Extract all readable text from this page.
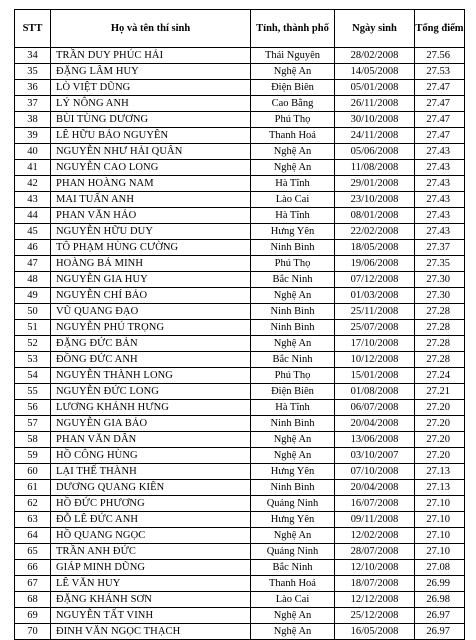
STT	Họ và tên thí sinh	Tỉnh, thành phố	Ngày sinh	Tổng điểm
34	TRẦN DUY PHÚC HẢI	Thái Nguyên	28/02/2008	27.56
35	ĐẶNG LÂM HUY	Nghệ An	14/05/2008	27.53
36	LÒ VIỆT DŨNG	Điện Biên	05/01/2008	27.47
37	LÝ NÔNG ANH	Cao Bằng	26/11/2008	27.47
38	BÙI TÙNG DƯƠNG	Phú Thọ	30/10/2008	27.47
39	LÊ HỮU BẢO NGUYÊN	Thanh Hoá	24/11/2008	27.47
40	NGUYỄN NHƯ HẢI QUÂN	Nghệ An	05/06/2008	27.43
41	NGUYỄN CAO LONG	Nghệ An	11/08/2008	27.43
42	PHAN HOÀNG NAM	Hà Tĩnh	29/01/2008	27.43
43	MAI TUẤN ANH	Lào Cai	23/10/2008	27.43
44	PHAN VĂN HẢO	Hà Tĩnh	08/01/2008	27.43
45	NGUYỄN HỮU DUY	Hưng Yên	22/02/2008	27.43
46	TÔ PHẠM HÙNG CƯỜNG	Ninh Bình	18/05/2008	27.37
47	HOÀNG BÁ MINH	Phú Thọ	19/06/2008	27.35
48	NGUYỄN GIA HUY	Bắc Ninh	07/12/2008	27.30
49	NGUYỄN CHÍ BẢO	Nghệ An	01/03/2008	27.30
50	VŨ QUANG ĐẠO	Ninh Bình	25/11/2008	27.28
51	NGUYỄN PHÚ TRỌNG	Ninh Bình	25/07/2008	27.28
52	ĐẶNG ĐỨC BẢN	Nghệ An	17/10/2008	27.28
53	ĐỒNG ĐỨC ANH	Bắc Ninh	10/12/2008	27.28
54	NGUYỄN THÀNH LONG	Phú Thọ	15/01/2008	27.24
55	NGUYỄN ĐỨC LONG	Điện Biên	01/08/2008	27.21
56	LƯƠNG KHÁNH HƯNG	Hà Tĩnh	06/07/2008	27.20
57	NGUYỄN GIA BẢO	Ninh Bình	20/04/2008	27.20
58	PHAN VĂN DÂN	Nghệ An	13/06/2008	27.20
59	HỒ CÔNG HÙNG	Nghệ An	03/10/2007	27.20
60	LẠI THẾ THÀNH	Hưng Yên	07/10/2008	27.13
61	DƯƠNG QUANG KIÊN	Ninh Bình	20/04/2008	27.13
62	HỒ ĐỨC PHƯƠNG	Quảng Ninh	16/07/2008	27.10
63	ĐỖ LÊ ĐỨC ANH	Hưng Yên	09/11/2008	27.10
64	HỒ QUANG NGỌC	Nghệ An	12/02/2008	27.10
65	TRẦN ANH ĐỨC	Quảng Ninh	28/07/2008	27.10
66	GIÁP MINH DŨNG	Bắc Ninh	12/10/2008	27.08
67	LÊ VĂN HUY	Thanh Hoá	18/07/2008	26.99
68	ĐẶNG KHÁNH SƠN	Lào Cai	12/12/2008	26.98
69	NGUYỄN TẤT VINH	Nghệ An	25/12/2008	26.97
70	ĐINH VĂN NGỌC THẠCH	Nghệ An	16/05/2008	26.97
